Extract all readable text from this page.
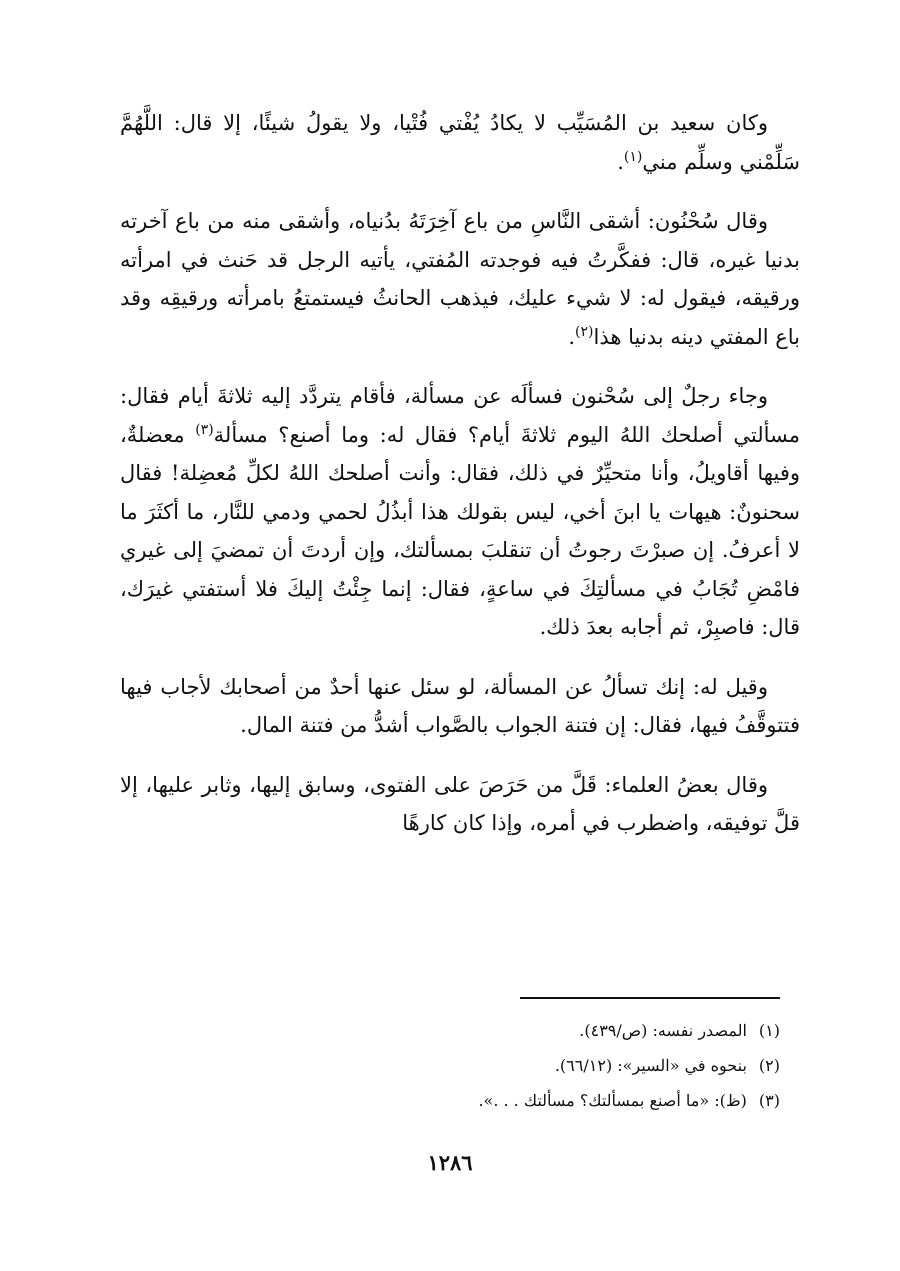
وكان سعيد بن المُسَيِّب لا يكادُ يُفْتي فُتْيا، ولا يقولُ شيئًا، إلا قال: اللَّهُمَّ سَلِّمْني وسلِّم مني$^{(١)}$.

وقال سُحْنُون: أشقى النَّاسِ من باع آخِرَتَهُ بدُنياه، وأشقى منه من باع آخرته بدنيا غيره، قال: ففكَّرتُ فيه فوجدته المُفتي، يأتيه الرجل قد حَنث في امرأته ورقيقه، فيقول له: لا شيء عليك، فيذهب الحانثُ فيستمتعُ بامرأته ورقيقِه وقد باع المفتي دينه بدنيا هذا$^{(٢)}$.

وجاء رجلٌ إلى سُحْنون فسألَه عن مسألة، فأقام يتردَّد إليه ثلاثةَ أيام فقال: مسألتي أصلحك اللهُ اليوم ثلاثةَ أيام؟ فقال له: وما أصنع؟ مسألة$^{(٣)}$ معضلةٌ، وفيها أقاويلُ، وأنا متحيِّرٌ في ذلك، فقال: وأنت أصلحك اللهُ لكلِّ مُعضِلة! فقال سحنونٌ: هيهات يا ابنَ أخي، ليس بقولك هذا أبذُلُ لحمي ودمي للنَّار، ما أكثَرَ ما لا أعرفُ. إن صبرْتَ رجوتُ أن تنقلبَ بمسألتك، وإن أردتَ أن تمضيَ إلى غيري فامْضِ تُجَابُ في مسألتِكَ في ساعةٍ، فقال: إنما جِئْتُ إليكَ فلا أستفتي غيرَك، قال: فاصبِرْ، ثم أجابه بعدَ ذلك.

وقيل له: إنك تسألُ عن المسألة، لو سئل عنها أحدٌ من أصحابك لأجاب فيها فتتوقَّفُ فيها، فقال: إن فتنة الجواب بالصَّواب أشدُّ من فتنة المال.

وقال بعضُ العلماء: قَلَّ من حَرَصَ على الفتوى، وسابق إليها، وثابر عليها، إلا قلَّ توفيقه، واضطرب في أمره، وإذا كان كارهًا

(١)المصدر نفسه: (ص/٤٣٩).

(٢)بنحوه في «السير»: (٦٦/١٢).

(٣)(ظ): «ما أصنع بمسألتك؟ مسألتك . . .».

١٢٨٦
